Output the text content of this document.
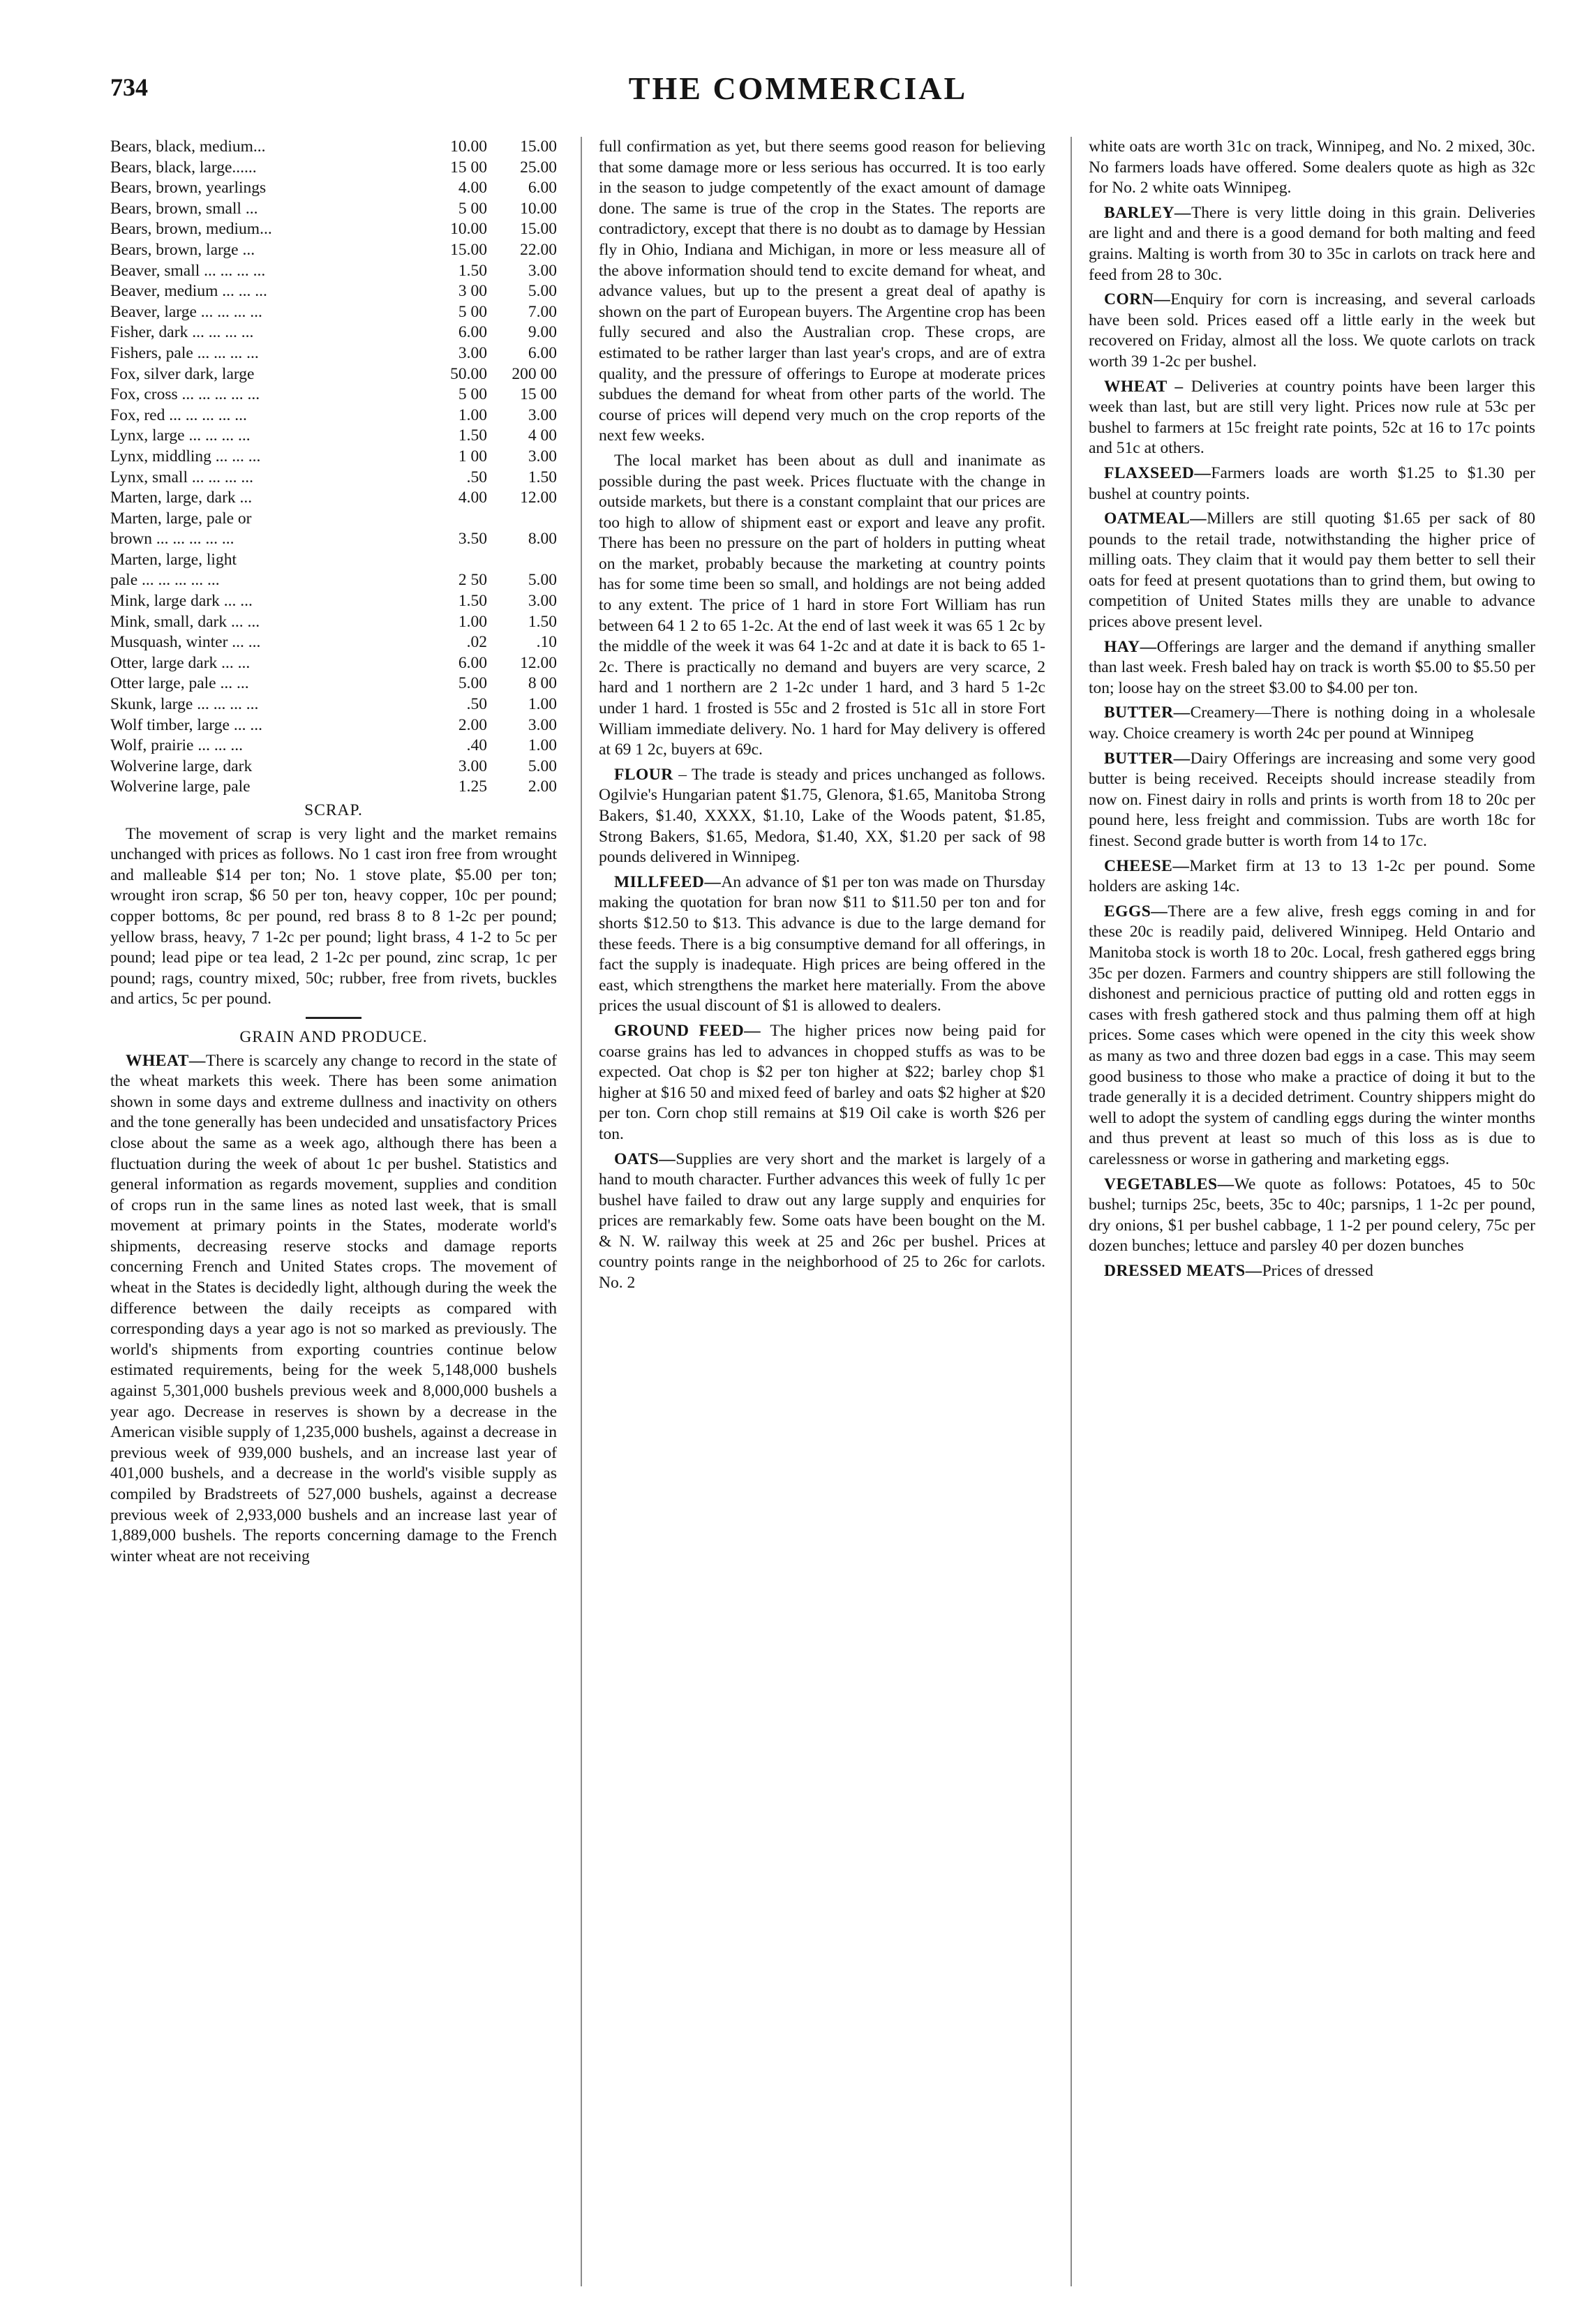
734	THE COMMERCIAL
Bears, black, medium...	10.00	15.00
Bears, black, large......	15 00	25.00
Bears, brown, yearlings	4.00	6.00
Bears, brown, small ...	5 00	10.00
Bears, brown, medium...	10.00	15.00
Bears, brown, large ...	15.00	22.00
Beaver, small ... ... ... ...	1.50	3.00
Beaver, medium ... ... ...	3 00	5.00
Beaver, large ... ... ... ...	5 00	7.00
Fisher, dark ... ... ... ...	6.00	9.00
Fishers, pale ... ... ... ...	3.00	6.00
Fox, silver dark, large	50.00	200 00
Fox, cross ... ... ... ... ...	5 00	15 00
Fox, red ... ... ... ... ...	1.00	3.00
Lynx, large ... ... ... ...	1.50	4 00
Lynx, middling ... ... ...	1 00	3.00
Lynx, small ... ... ... ...	.50	1.50
Marten, large, dark ...	4.00	12.00
Marten, large, pale or		
brown ... ... ... ... ...	3.50	8.00
Marten, large, light		
pale ... ... ... ... ...	2 50	5.00
Mink, large dark ... ...	1.50	3.00
Mink, small, dark ... ...	1.00	1.50
Musquash, winter ... ...	.02	.10
Otter, large dark ... ...	6.00	12.00
Otter large, pale ... ...	5.00	8 00
Skunk, large ... ... ... ...	.50	1.00
Wolf timber, large ... ...	2.00	3.00
Wolf, prairie ... ... ...	.40	1.00
Wolverine large, dark	3.00	5.00
Wolverine large, pale	1.25	2.00
SCRAP.

The movement of scrap is very light and the market remains unchanged with prices as follows. No 1 cast iron free from wrought and malleable $14 per ton; No. 1 stove plate, $5.00 per ton; wrought iron scrap, $6 50 per ton, heavy copper, 10c per pound; copper bottoms, 8c per pound, red brass 8 to 8 1-2c per pound; yellow brass, heavy, 7 1-2c per pound; light brass, 4 1-2 to 5c per pound; lead pipe or tea lead, 2 1-2c per pound, zinc scrap, 1c per pound; rags, country mixed, 50c; rubber, free from rivets, buckles and artics, 5c per pound.

GRAIN AND PRODUCE.

WHEAT—There is scarcely any change to record in the state of the wheat markets this week. There has been some animation shown in some days and extreme dullness and inactivity on others and the tone generally has been undecided and unsatisfactory Prices close about the same as a week ago, although there has been a fluctuation during the week of about 1c per bushel. Statistics and general information as regards movement, supplies and condition of crops run in the same lines as noted last week, that is small movement at primary points in the States, moderate world's shipments, decreasing reserve stocks and damage reports concerning French and United States crops. The movement of wheat in the States is decidedly light, although during the week the difference between the daily receipts as compared with corresponding days a year ago is not so marked as previously. The world's shipments from exporting countries continue below estimated requirements, being for the week 5,148,000 bushels against 5,301,000 bushels previous week and 8,000,000 bushels a year ago. Decrease in reserves is shown by a decrease in the American visible supply of 1,235,000 bushels, against a decrease in previous week of 939,000 bushels, and an increase last year of 401,000 bushels, and a decrease in the world's visible supply as compiled by Bradstreets of 527,000 bushels, against a decrease previous week of 2,933,000 bushels and an increase last year of 1,889,000 bushels. The reports concerning damage to the French winter wheat are not receiving

full confirmation as yet, but there seems good reason for believing that some damage more or less serious has occurred. It is too early in the season to judge competently of the exact amount of damage done. The same is true of the crop in the States. The reports are contradictory, except that there is no doubt as to damage by Hessian fly in Ohio, Indiana and Michigan, in more or less measure all of the above information should tend to excite demand for wheat, and advance values, but up to the present a great deal of apathy is shown on the part of European buyers. The Argentine crop has been fully secured and also the Australian crop. These crops, are estimated to be rather larger than last year's crops, and are of extra quality, and the pressure of offerings to Europe at moderate prices subdues the demand for wheat from other parts of the world. The course of prices will depend very much on the crop reports of the next few weeks.

The local market has been about as dull and inanimate as possible during the past week. Prices fluctuate with the change in outside markets, but there is a constant complaint that our prices are too high to allow of shipment east or export and leave any profit. There has been no pressure on the part of holders in putting wheat on the market, probably because the marketing at country points has for some time been so small, and holdings are not being added to any extent. The price of 1 hard in store Fort William has run between 64 1 2 to 65 1-2c. At the end of last week it was 65 1 2c by the middle of the week it was 64 1-2c and at date it is back to 65 1-2c. There is practically no demand and buyers are very scarce, 2 hard and 1 northern are 2 1-2c under 1 hard, and 3 hard 5 1-2c under 1 hard. 1 frosted is 55c and 2 frosted is 51c all in store Fort William immediate delivery. No. 1 hard for May delivery is offered at 69 1 2c, buyers at 69c.

FLOUR – The trade is steady and prices unchanged as follows. Ogilvie's Hungarian patent $1.75, Glenora, $1.65, Manitoba Strong Bakers, $1.40, XXXX, $1.10, Lake of the Woods patent, $1.85, Strong Bakers, $1.65, Medora, $1.40, XX, $1.20 per sack of 98 pounds delivered in Winnipeg.

MILLFEED—An advance of $1 per ton was made on Thursday making the quotation for bran now $11 to $11.50 per ton and for shorts $12.50 to $13. This advance is due to the large demand for these feeds. There is a big consumptive demand for all offerings, in fact the supply is inadequate. High prices are being offered in the east, which strengthens the market here materially. From the above prices the usual discount of $1 is allowed to dealers.

GROUND FEED— The higher prices now being paid for coarse grains has led to advances in chopped stuffs as was to be expected. Oat chop is $2 per ton higher at $22; barley chop $1 higher at $16 50 and mixed feed of barley and oats $2 higher at $20 per ton. Corn chop still remains at $19 Oil cake is worth $26 per ton.

OATS—Supplies are very short and the market is largely of a hand to mouth character. Further advances this week of fully 1c per bushel have failed to draw out any large supply and enquiries for prices are remarkably few. Some oats have been bought on the M. & N. W. railway this week at 25 and 26c per bushel. Prices at country points range in the neighborhood of 25 to 26c for carlots. No. 2

white oats are worth 31c on track, Winnipeg, and No. 2 mixed, 30c. No farmers loads have offered. Some dealers quote as high as 32c for No. 2 white oats Winnipeg.

BARLEY—There is very little doing in this grain. Deliveries are light and and there is a good demand for both malting and feed grains. Malting is worth from 30 to 35c in carlots on track here and feed from 28 to 30c.

CORN—Enquiry for corn is increasing, and several carloads have been sold. Prices eased off a little early in the week but recovered on Friday, almost all the loss. We quote carlots on track worth 39 1-2c per bushel.

WHEAT – Deliveries at country points have been larger this week than last, but are still very light. Prices now rule at 53c per bushel to farmers at 15c freight rate points, 52c at 16 to 17c points and 51c at others.

FLAXSEED—Farmers loads are worth $1.25 to $1.30 per bushel at country points.

OATMEAL—Millers are still quoting $1.65 per sack of 80 pounds to the retail trade, notwithstanding the higher price of milling oats. They claim that it would pay them better to sell their oats for feed at present quotations than to grind them, but owing to competition of United States mills they are unable to advance prices above present level.

HAY—Offerings are larger and the demand if anything smaller than last week. Fresh baled hay on track is worth $5.00 to $5.50 per ton; loose hay on the street $3.00 to $4.00 per ton.

BUTTER—Creamery—There is nothing doing in a wholesale way. Choice creamery is worth 24c per pound at Winnipeg

BUTTER—Dairy Offerings are increasing and some very good butter is being received. Receipts should increase steadily from now on. Finest dairy in rolls and prints is worth from 18 to 20c per pound here, less freight and commission. Tubs are worth 18c for finest. Second grade butter is worth from 14 to 17c.

CHEESE—Market firm at 13 to 13 1-2c per pound. Some holders are asking 14c.

EGGS—There are a few alive, fresh eggs coming in and for these 20c is readily paid, delivered Winnipeg. Held Ontario and Manitoba stock is worth 18 to 20c. Local, fresh gathered eggs bring 35c per dozen. Farmers and country shippers are still following the dishonest and pernicious practice of putting old and rotten eggs in cases with fresh gathered stock and thus palming them off at high prices. Some cases which were opened in the city this week show as many as two and three dozen bad eggs in a case. This may seem good business to those who make a practice of doing it but to the trade generally it is a decided detriment. Country shippers might do well to adopt the system of candling eggs during the winter months and thus prevent at least so much of this loss as is due to carelessness or worse in gathering and marketing eggs.

VEGETABLES—We quote as follows: Potatoes, 45 to 50c bushel; turnips 25c, beets, 35c to 40c; parsnips, 1 1-2c per pound, dry onions, $1 per bushel cabbage, 1 1-2 per pound celery, 75c per dozen bunches; lettuce and parsley 40 per dozen bunches

DRESSED MEATS—Prices of dressed
